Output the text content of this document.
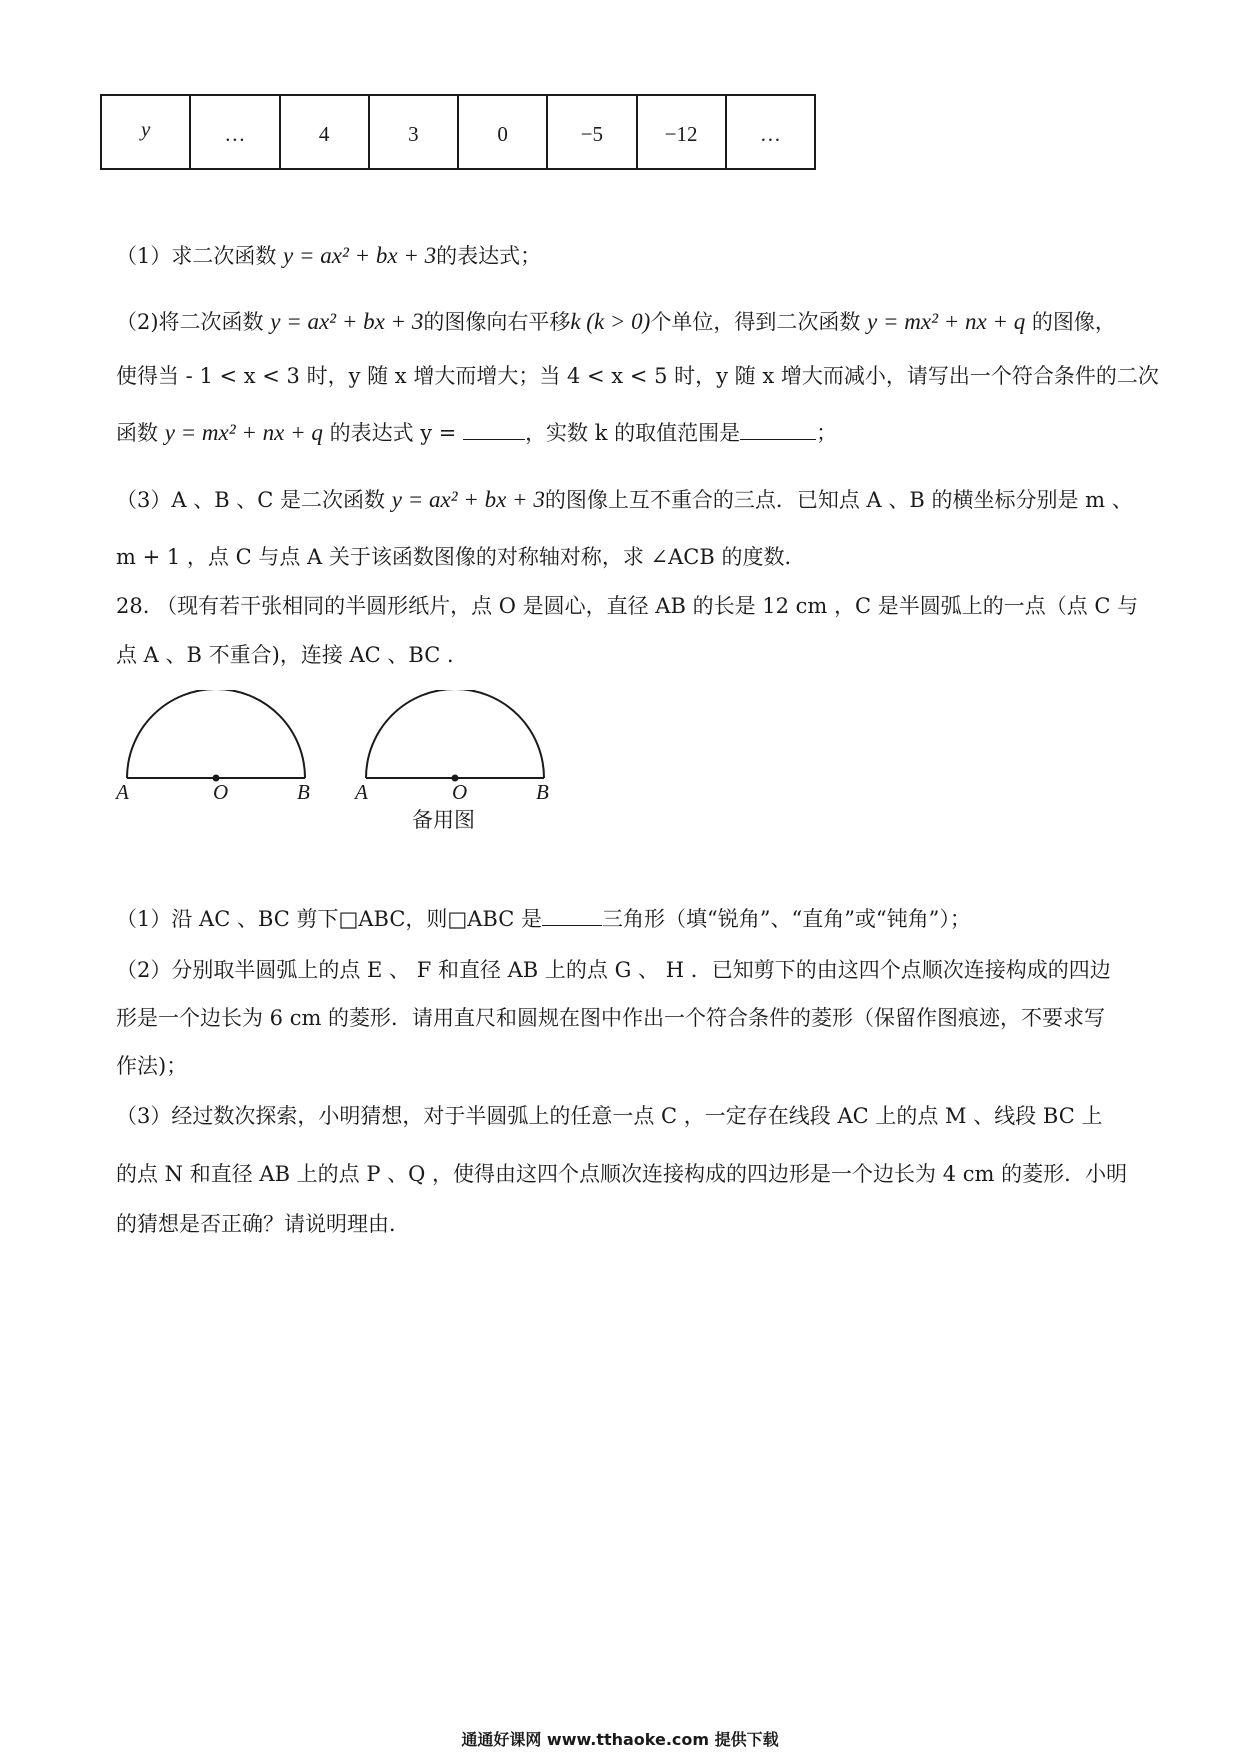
y	…	4	3	0	−5	−12	…
（1）求二次函数 y = ax² + bx + 3的表达式；
（2)将二次函数 y = ax² + bx + 3的图像向右平移k (k > 0)个单位，得到二次函数 y = mx² + nx + q 的图像，
使得当 - 1 < x < 3 时，y 随 x 增大而增大；当 4 < x < 5 时，y 随 x 增大而减小，请写出一个符合条件的二次
函数 y = mx² + nx + q 的表达式 y =	，实数 k 的取值范围是	；
（3）A 、B 、C 是二次函数 y = ax² + bx + 3的图像上互不重合的三点．已知点 A 、B 的横坐标分别是 m 、
m + 1 ，点 C 与点 A 关于该函数图像的对称轴对称，求 ∠ACB 的度数．
28. （现有若干张相同的半圆形纸片，点 O 是圆心，直径 AB 的长是 12 cm ，C 是半圆弧上的一点（点 C 与
点 A 、B 不重合)，连接 AC 、BC ．
A	O	B A	O	B
备用图
（1）沿 AC 、BC 剪下□ABC，则□ABC 是	三角形（填“锐角”、“直角”或“钝角”）；
（2）分别取半圆弧上的点 E 、 F 和直径 AB 上的点 G 、 H ．已知剪下的由这四个点顺次连接构成的四边
形是一个边长为 6 cm 的菱形．请用直尺和圆规在图中作出一个符合条件的菱形（保留作图痕迹，不要求写
作法)；
（3）经过数次探索，小明猜想，对于半圆弧上的任意一点 C ，一定存在线段 AC 上的点 M 、线段 BC 上
的点 N 和直径 AB 上的点 P 、Q ，使得由这四个点顺次连接构成的四边形是一个边长为 4 cm 的菱形．小明
的猜想是否正确？请说明理由．
通通好课网 www.tthaoke.com 提供下载
